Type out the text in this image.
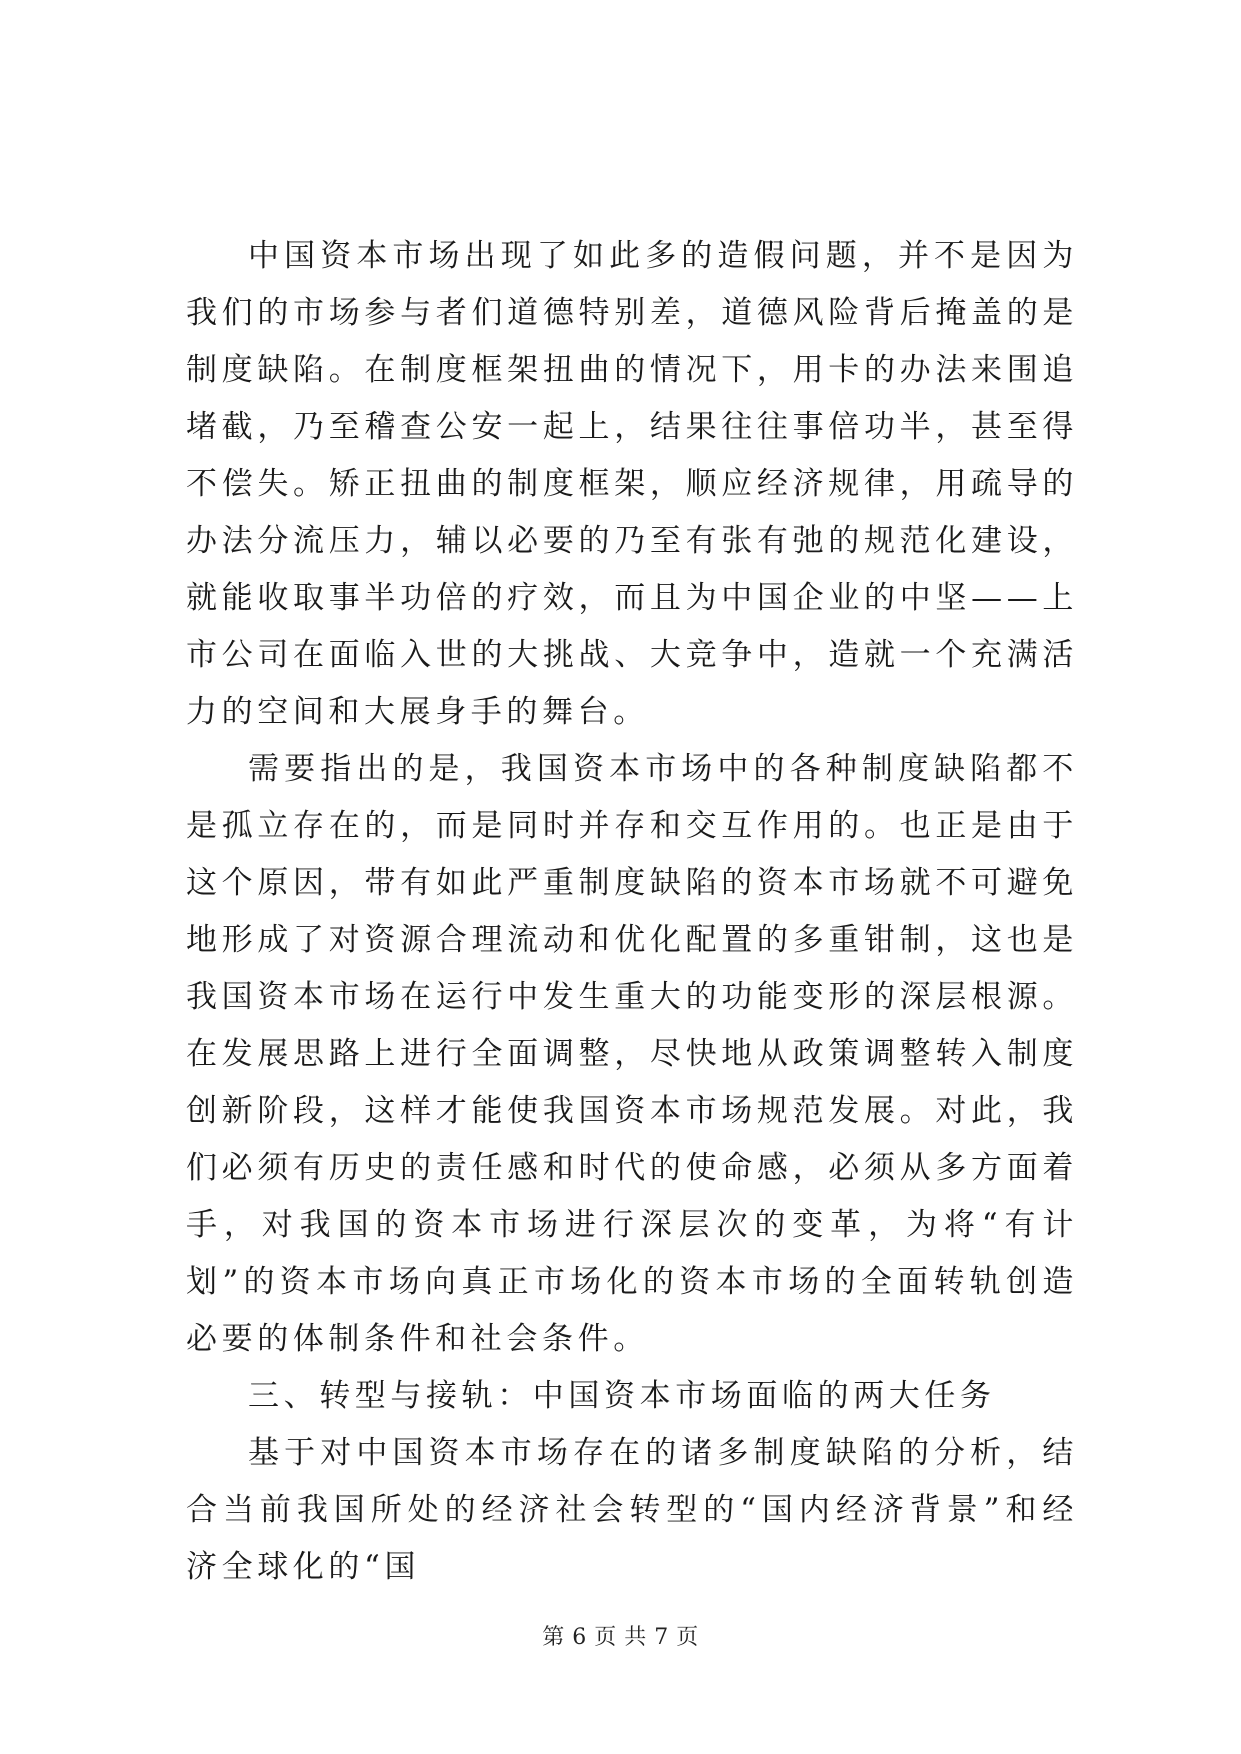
中国资本市场出现了如此多的造假问题，并不是因为我们的市场参与者们道德特别差，道德风险背后掩盖的是制度缺陷。在制度框架扭曲的情况下，用卡的办法来围追堵截，乃至稽查公安一起上，结果往往事倍功半，甚至得不偿失。矫正扭曲的制度框架，顺应经济规律，用疏导的办法分流压力，辅以必要的乃至有张有弛的规范化建设，就能收取事半功倍的疗效，而且为中国企业的中坚——上市公司在面临入世的大挑战、大竞争中，造就一个充满活力的空间和大展身手的舞台。

需要指出的是，我国资本市场中的各种制度缺陷都不是孤立存在的，而是同时并存和交互作用的。也正是由于这个原因，带有如此严重制度缺陷的资本市场就不可避免地形成了对资源合理流动和优化配置的多重钳制，这也是我国资本市场在运行中发生重大的功能变形的深层根源。在发展思路上进行全面调整，尽快地从政策调整转入制度创新阶段，这样才能使我国资本市场规范发展。对此，我们必须有历史的责任感和时代的使命感，必须从多方面着手，对我国的资本市场进行深层次的变革，为将“有计划”的资本市场向真正市场化的资本市场的全面转轨创造必要的体制条件和社会条件。

三、转型与接轨：中国资本市场面临的两大任务

基于对中国资本市场存在的诸多制度缺陷的分析，结合当前我国所处的经济社会转型的“国内经济背景”和经济全球化的“国

第 6 页 共 7 页
